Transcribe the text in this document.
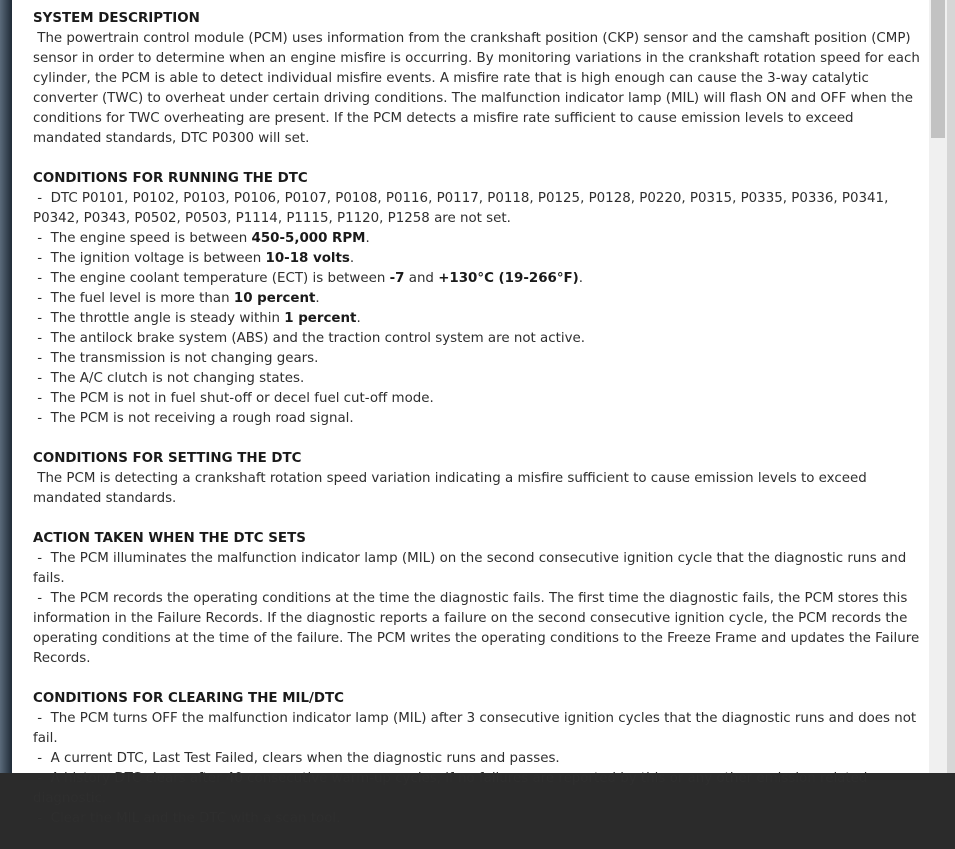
SYSTEM DESCRIPTION
The powertrain control module (PCM) uses information from the crankshaft position (CKP) sensor and the camshaft position (CMP) sensor in order to determine when an engine misfire is occurring. By monitoring variations in the crankshaft rotation speed for each cylinder, the PCM is able to detect individual misfire events. A misfire rate that is high enough can cause the 3-way catalytic converter (TWC) to overheat under certain driving conditions. The malfunction indicator lamp (MIL) will flash ON and OFF when the conditions for TWC overheating are present. If the PCM detects a misfire rate sufficient to cause emission levels to exceed mandated standards, DTC P0300 will set.
CONDITIONS FOR RUNNING THE DTC
-  DTC P0101, P0102, P0103, P0106, P0107, P0108, P0116, P0117, P0118, P0125, P0128, P0220, P0315, P0335, P0336, P0341, P0342, P0343, P0502, P0503, P1114, P1115, P1120, P1258 are not set.
-  The engine speed is between 450-5,000 RPM.
-  The ignition voltage is between 10-18 volts.
-  The engine coolant temperature (ECT) is between -7 and +130°C (19-266°F).
-  The fuel level is more than 10 percent.
-  The throttle angle is steady within 1 percent.
-  The antilock brake system (ABS) and the traction control system are not active.
-  The transmission is not changing gears.
-  The A/C clutch is not changing states.
-  The PCM is not in fuel shut-off or decel fuel cut-off mode.
-  The PCM is not receiving a rough road signal.
CONDITIONS FOR SETTING THE DTC
The PCM is detecting a crankshaft rotation speed variation indicating a misfire sufficient to cause emission levels to exceed mandated standards.
ACTION TAKEN WHEN THE DTC SETS
-  The PCM illuminates the malfunction indicator lamp (MIL) on the second consecutive ignition cycle that the diagnostic runs and fails.
-  The PCM records the operating conditions at the time the diagnostic fails. The first time the diagnostic fails, the PCM stores this information in the Failure Records. If the diagnostic reports a failure on the second consecutive ignition cycle, the PCM records the operating conditions at the time of the failure. The PCM writes the operating conditions to the Freeze Frame and updates the Failure Records.
CONDITIONS FOR CLEARING THE MIL/DTC
-  The PCM turns OFF the malfunction indicator lamp (MIL) after 3 consecutive ignition cycles that the diagnostic runs and does not fail.
-  A current DTC, Last Test Failed, clears when the diagnostic runs and passes.
-  A history DTC clears after 40 consecutive warm-up cycles, if no failures are reported by this or any other emission related diagnostic.
-  Clear the MIL and the DTC with a scan tool.
